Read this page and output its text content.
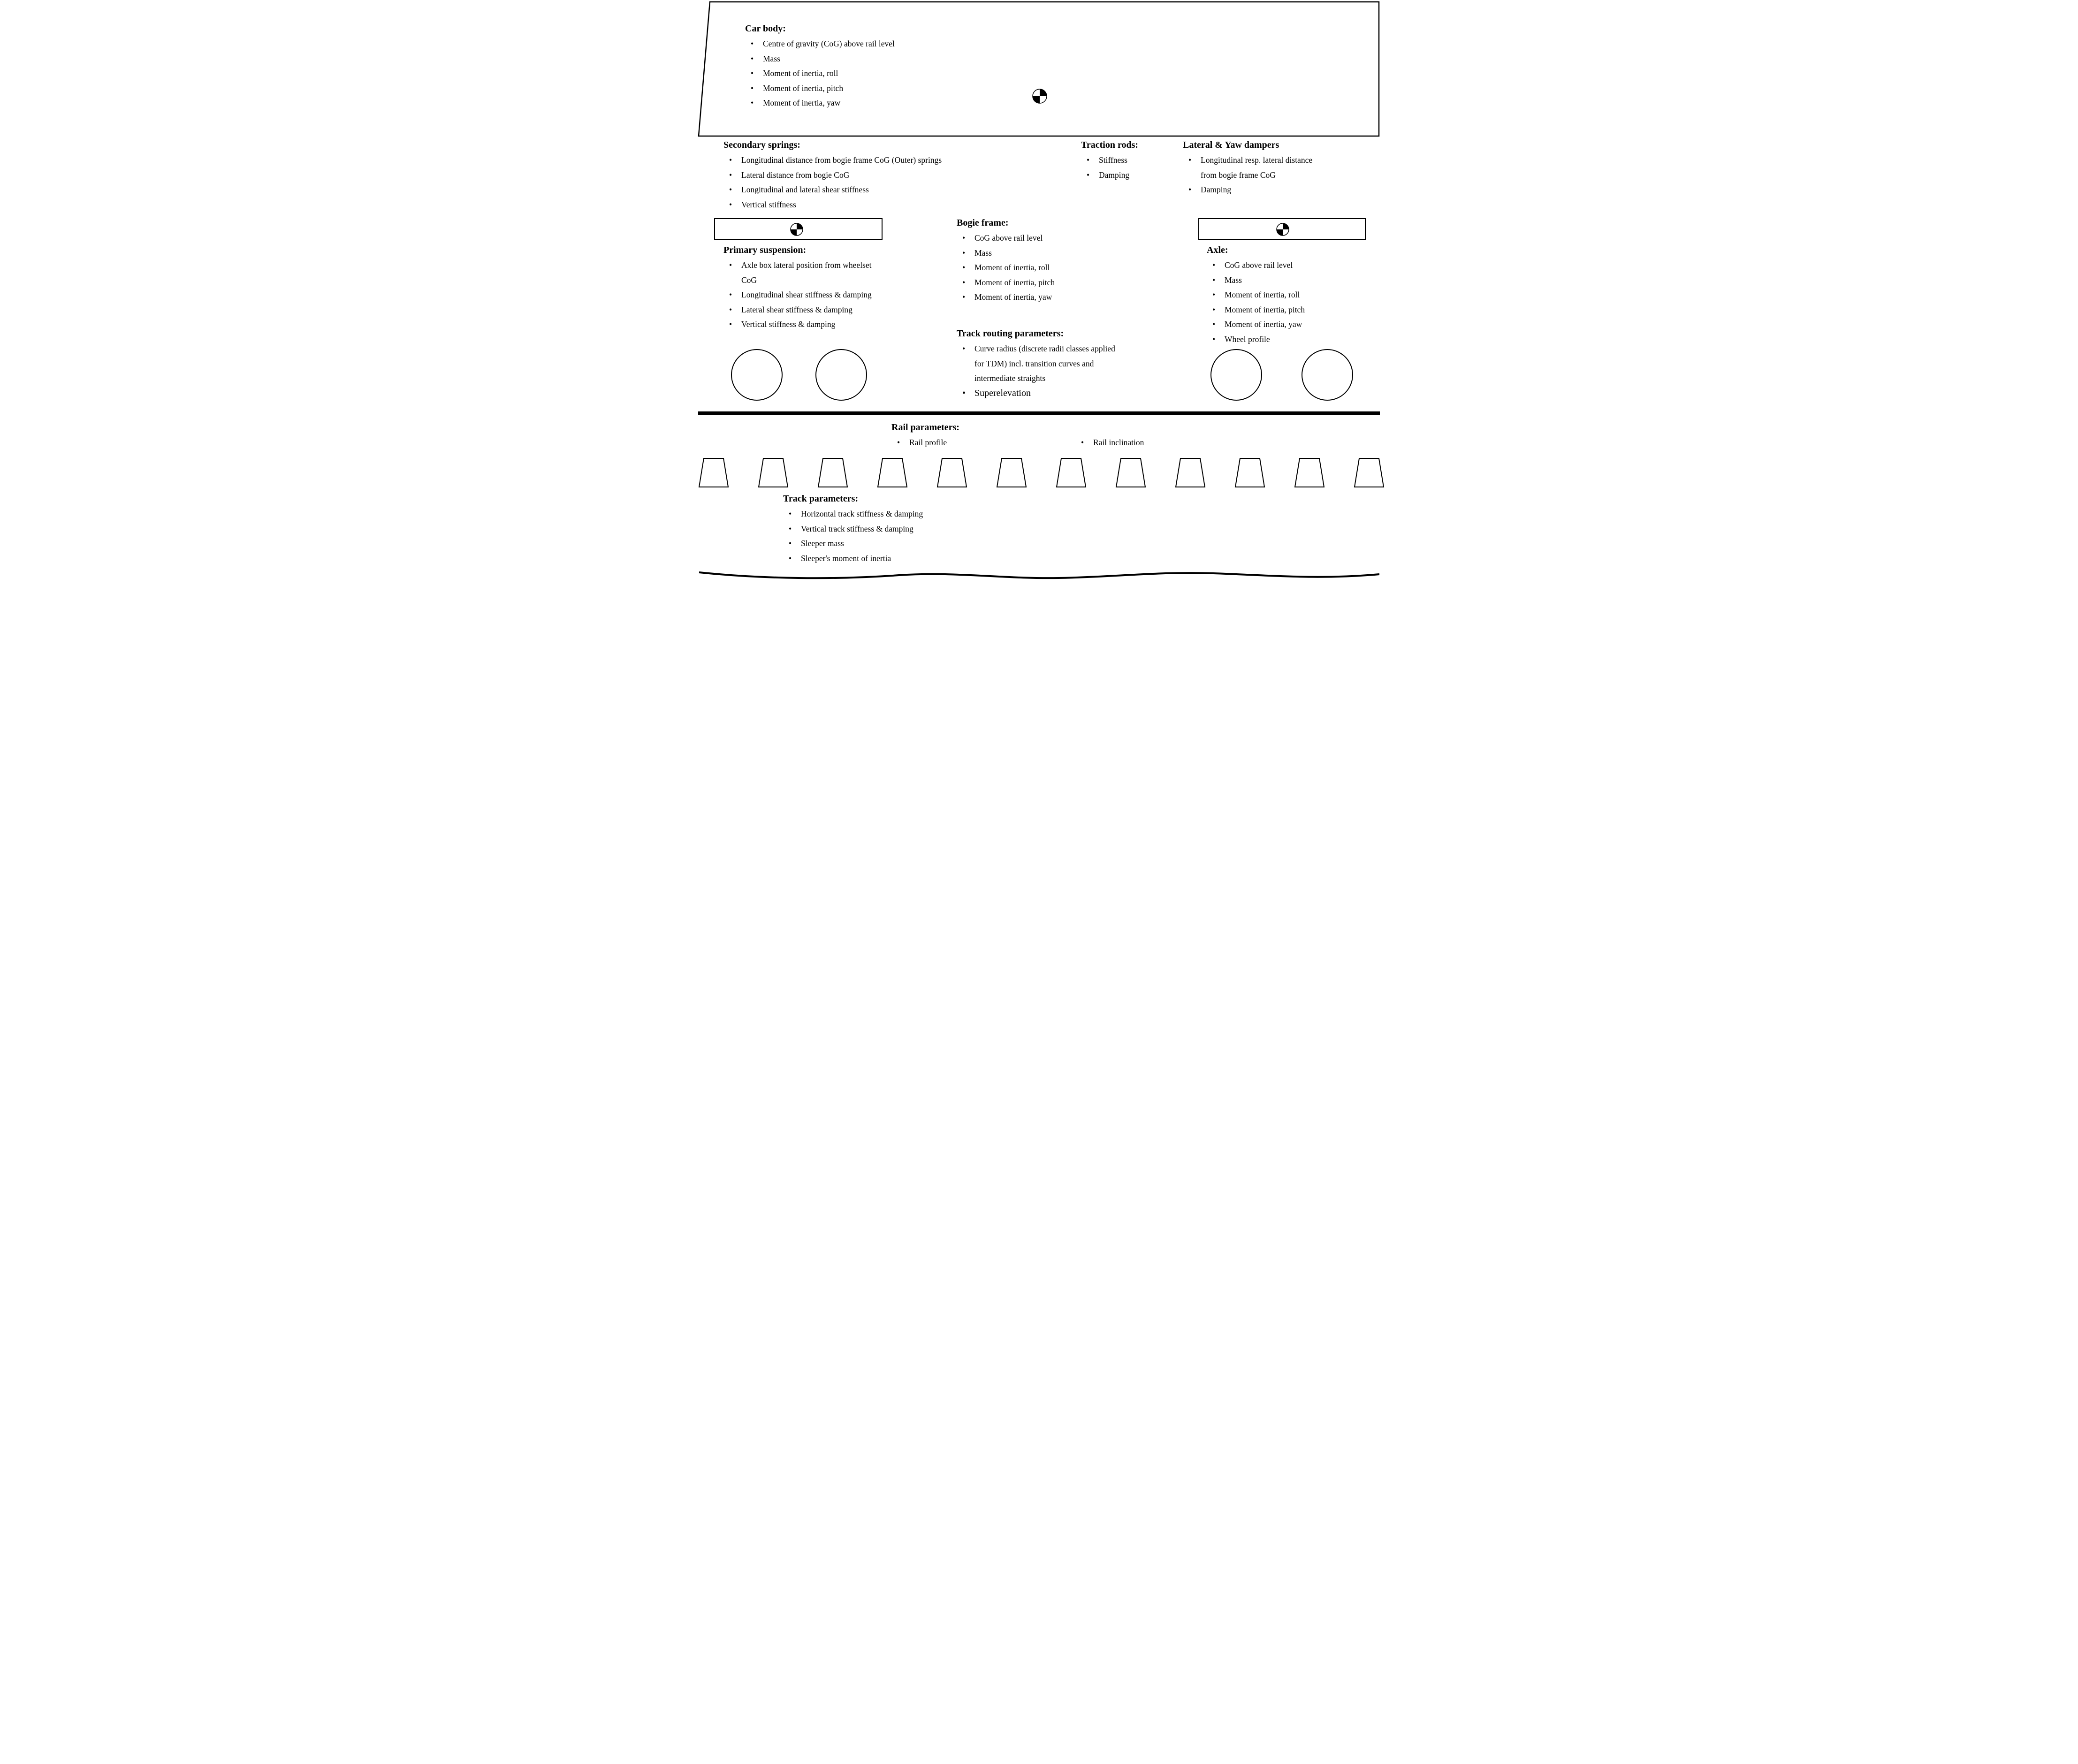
Car body:
• Centre of gravity (CoG) above rail level
• Mass
• Moment of inertia, roll
• Moment of inertia, pitch
• Moment of inertia, yaw
Secondary springs:
• Longitudinal distance from bogie frame CoG (Outer) springs
• Lateral distance from bogie CoG
• Longitudinal and lateral shear stiffness
• Vertical stiffness
Traction rods:
• Stiffness
• Damping
Lateral & Yaw dampers
• Longitudinal resp. lateral distance from bogie frame CoG
• Damping
Bogie frame:
• CoG above rail level
• Mass
• Moment of inertia, roll
• Moment of inertia, pitch
• Moment of inertia, yaw
Primary suspension:
• Axle box lateral position from wheelset CoG
• Longitudinal shear stiffness & damping
• Lateral shear stiffness & damping
• Vertical stiffness & damping
Axle:
• CoG above rail level
• Mass
• Moment of inertia, roll
• Moment of inertia, pitch
• Moment of inertia, yaw
• Wheel profile
Track routing parameters:
• Curve radius (discrete radii classes applied for TDM) incl. transition curves and intermediate straights
• Superelevation
Rail parameters:
• Rail profile	• Rail inclination
Track parameters:
• Horizontal track stiffness & damping
• Vertical track stiffness & damping
• Sleeper mass
• Sleeper's moment of inertia
